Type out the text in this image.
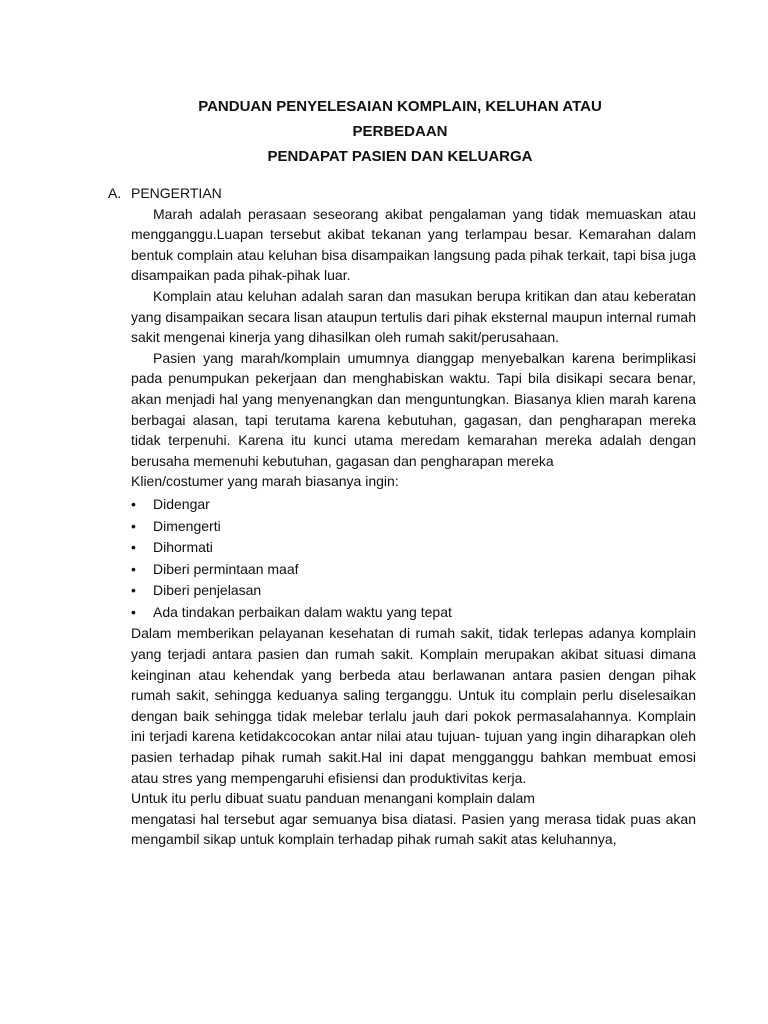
PANDUAN PENYELESAIAN KOMPLAIN, KELUHAN ATAU
PERBEDAAN
PENDAPAT PASIEN DAN KELUARGA
A. PENGERTIAN

Marah adalah perasaan seseorang akibat pengalaman yang tidak memuaskan atau mengganggu.Luapan tersebut akibat tekanan yang terlampau besar. Kemarahan dalam bentuk complain atau keluhan bisa disampaikan langsung pada pihak terkait, tapi bisa juga disampaikan pada pihak-pihak luar.

Komplain atau keluhan adalah saran dan masukan berupa kritikan dan atau keberatan yang disampaikan secara lisan ataupun tertulis dari pihak eksternal maupun internal rumah sakit mengenai kinerja yang dihasilkan oleh rumah sakit/perusahaan.

Pasien yang marah/komplain umumnya dianggap menyebalkan karena berimplikasi pada penumpukan pekerjaan dan menghabiskan waktu. Tapi bila disikapi secara benar, akan menjadi hal yang menyenangkan dan menguntungkan. Biasanya klien marah karena berbagai alasan, tapi terutama karena kebutuhan, gagasan, dan pengharapan mereka tidak terpenuhi. Karena itu kunci utama meredam kemarahan mereka adalah dengan berusaha memenuhi kebutuhan, gagasan dan pengharapan mereka

Klien/costumer yang marah biasanya ingin:

•	Didengar
•	Dimengerti
•	Dihormati
•	Diberi permintaan maaf
•	Diberi penjelasan
•	Ada tindakan perbaikan dalam waktu yang tepat

Dalam memberikan pelayanan kesehatan di rumah sakit, tidak terlepas adanya komplain yang terjadi antara pasien dan rumah sakit. Komplain merupakan akibat situasi dimana keinginan atau kehendak yang berbeda atau berlawanan antara pasien dengan pihak rumah sakit, sehingga keduanya saling terganggu. Untuk itu complain perlu diselesaikan dengan baik sehingga tidak melebar terlalu jauh dari pokok permasalahannya. Komplain ini terjadi karena ketidakcocokan antar nilai atau tujuan- tujuan yang ingin diharapkan oleh pasien terhadap pihak rumah sakit.Hal ini dapat mengganggu bahkan membuat emosi atau stres yang mempengaruhi efisiensi dan produktivitas kerja.

Untuk itu perlu dibuat suatu panduan menangani komplain dalam

mengatasi hal tersebut agar semuanya bisa diatasi. Pasien yang merasa tidak puas akan mengambil sikap untuk komplain terhadap pihak rumah sakit atas keluhannya,
